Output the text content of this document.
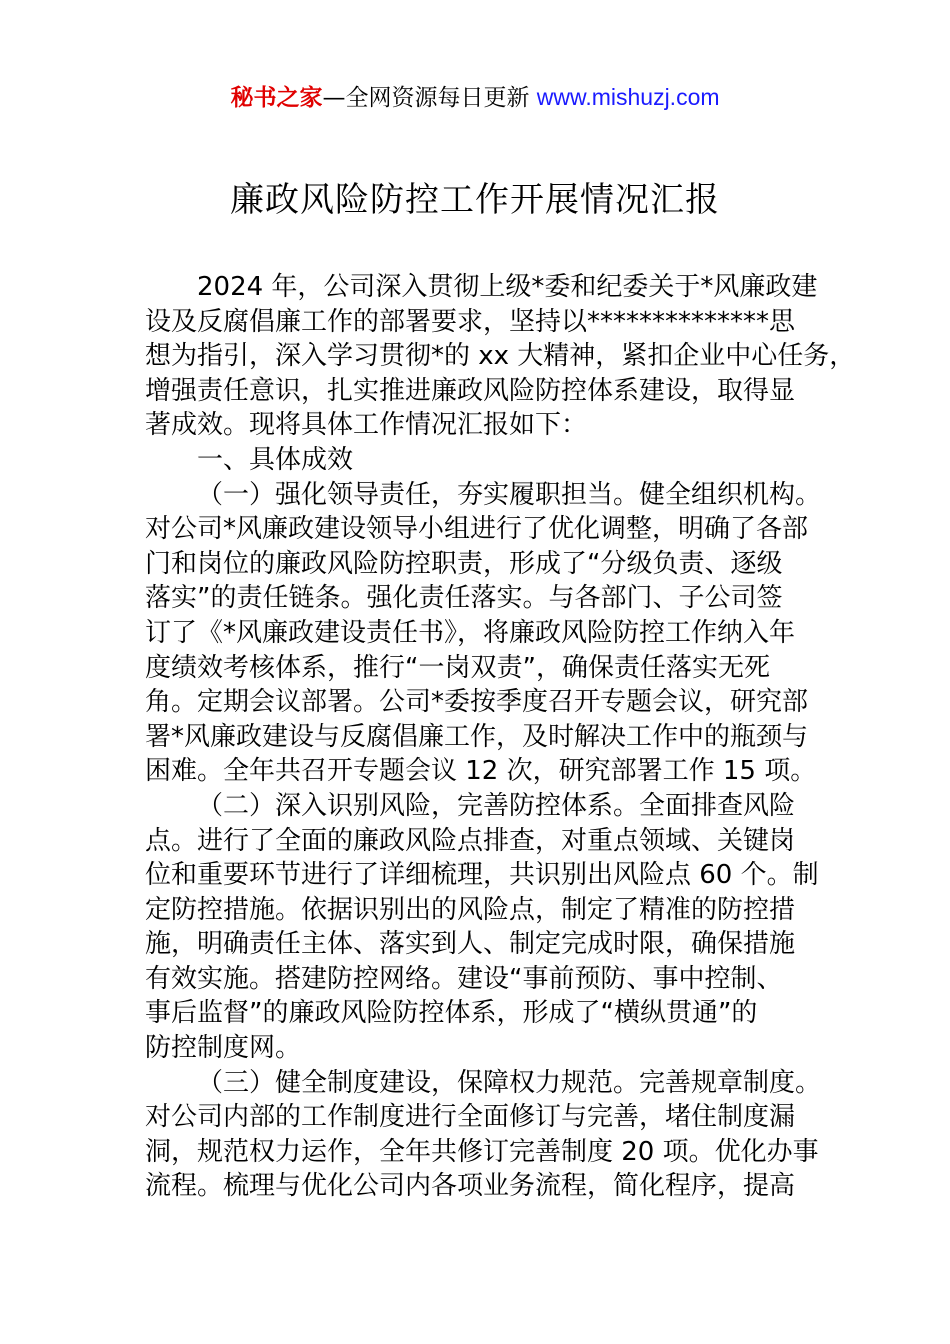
秘书之家—全网资源每日更新 www.mishuzj.com
廉政风险防控工作开展情况汇报
2024 年，公司深入贯彻上级*委和纪委关于*风廉政建
设及反腐倡廉工作的部署要求，坚持以**************思
想为指引，深入学习贯彻*的 xx 大精神，紧扣企业中心任务，
增强责任意识，扎实推进廉政风险防控体系建设，取得显
著成效。现将具体工作情况汇报如下：
一、具体成效
（一）强化领导责任，夯实履职担当。健全组织机构。
对公司*风廉政建设领导小组进行了优化调整，明确了各部
门和岗位的廉政风险防控职责，形成了“分级负责、逐级
落实”的责任链条。强化责任落实。与各部门、子公司签
订了《*风廉政建设责任书》，将廉政风险防控工作纳入年
度绩效考核体系，推行“一岗双责”，确保责任落实无死
角。定期会议部署。公司*委按季度召开专题会议，研究部
署*风廉政建设与反腐倡廉工作，及时解决工作中的瓶颈与
困难。全年共召开专题会议 12 次，研究部署工作 15 项。
（二）深入识别风险，完善防控体系。全面排查风险
点。进行了全面的廉政风险点排查，对重点领域、关键岗
位和重要环节进行了详细梳理，共识别出风险点 60 个。制
定防控措施。依据识别出的风险点，制定了精准的防控措
施，明确责任主体、落实到人、制定完成时限，确保措施
有效实施。搭建防控网络。建设“事前预防、事中控制、
事后监督”的廉政风险防控体系，形成了“横纵贯通”的
防控制度网。
（三）健全制度建设，保障权力规范。完善规章制度。
对公司内部的工作制度进行全面修订与完善，堵住制度漏
洞，规范权力运作，全年共修订完善制度 20 项。优化办事
流程。梳理与优化公司内各项业务流程，简化程序，提高
